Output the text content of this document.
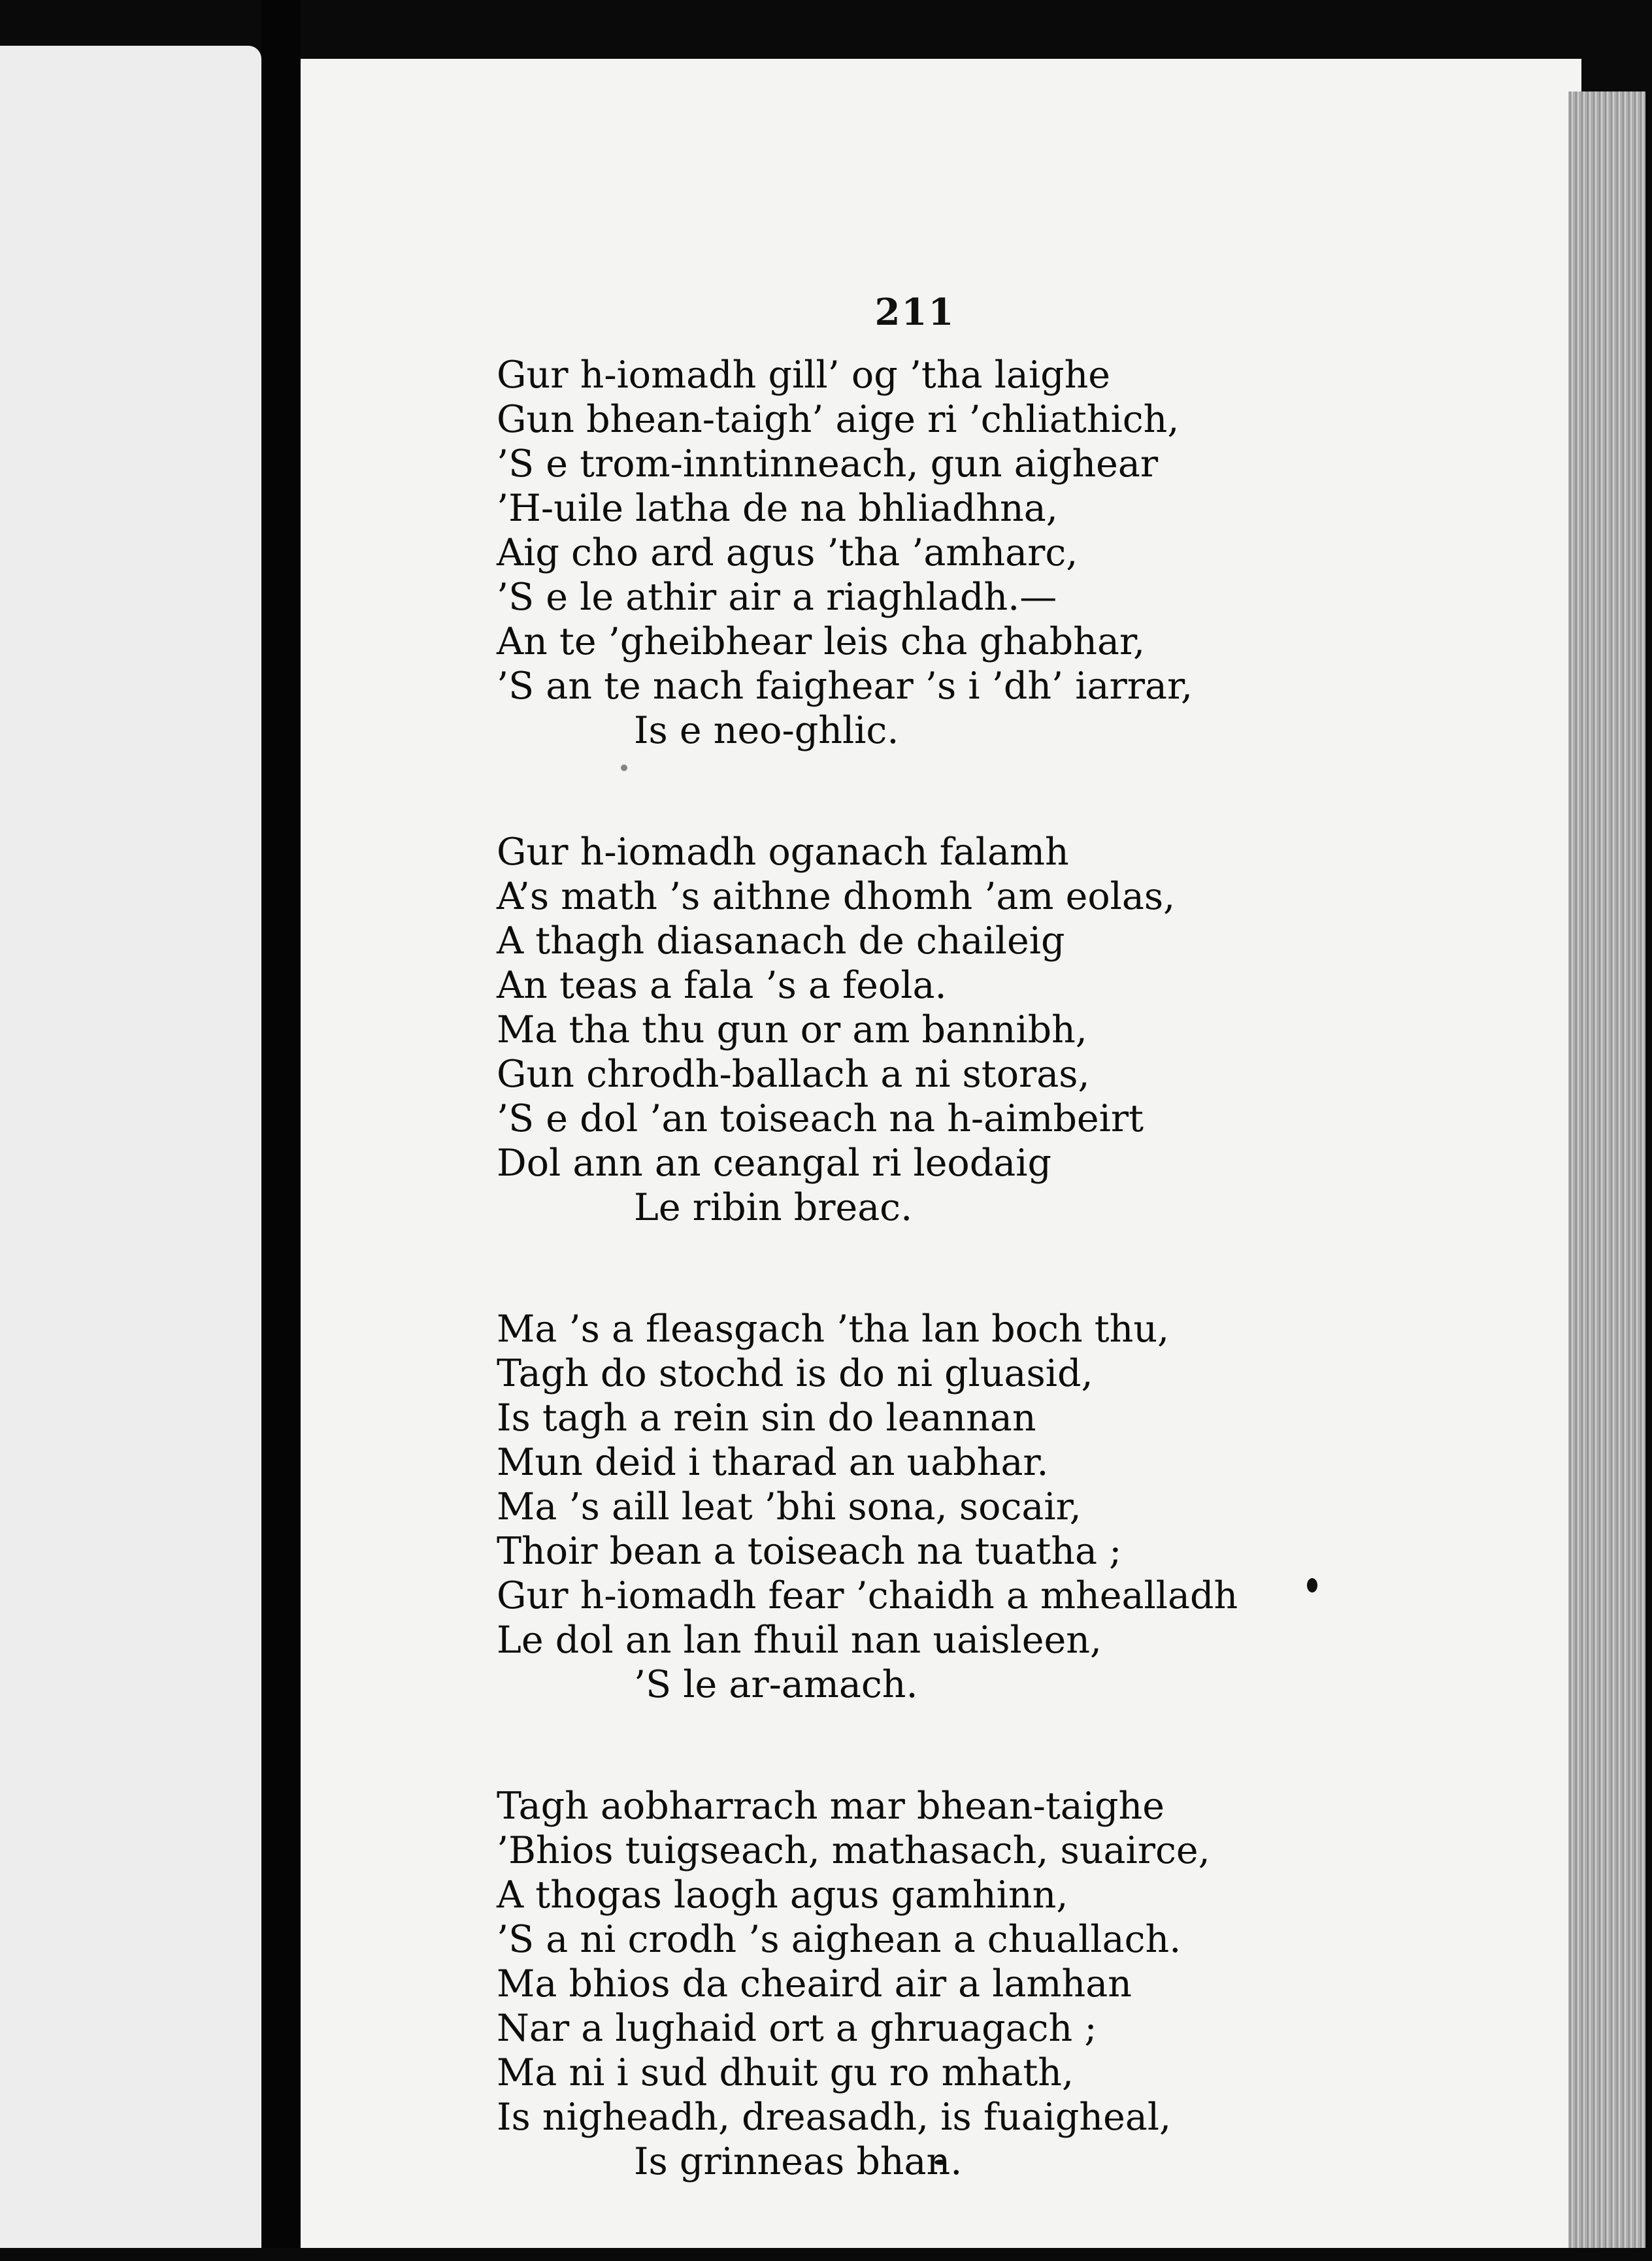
211
Gur h-iomadh gill’ og ’tha laighe
Gun bhean-taigh’ aige ri ’chliathich,
’S e trom-inntinneach, gun aighear
’H-uile latha de na bhliadhna,
Aig cho ard agus ’tha ’amharc,
’S e le athir air a riaghladh.—
An te ’gheibhear leis cha ghabhar,
’S an te nach faighear ’s i ’dh’ iarrar,
Is e neo-ghlic.
Gur h-iomadh oganach falamh
A’s math ’s aithne dhomh ’am eolas,
A thagh diasanach de chaileig
An teas a fala ’s a feola.
Ma tha thu gun or am bannibh,
Gun chrodh-ballach a ni storas,
’S e dol ’an toiseach na h-aimbeirt
Dol ann an ceangal ri leodaig
Le ribin breac.
Ma ’s a fleasgach ’tha lan boch thu,
Tagh do stochd is do ni gluasid,
Is tagh a rein sin do leannan
Mun deid i tharad an uabhar.
Ma ’s aill leat ’bhi sona, socair,
Thoir bean a toiseach na tuatha ;
Gur h-iomadh fear ’chaidh a mhealladh
Le dol an lan fhuil nan uaisleen,
’S le ar-amach.
Tagh aobharrach mar bhean-taighe
’Bhios tuigseach, mathasach, suairce,
A thogas laogh agus gamhinn,
’S a ni crodh ’s aighean a chuallach.
Ma bhios da cheaird air a lamhan
Nar a lughaid ort a ghruagach ;
Ma ni i sud dhuit gu ro mhath,
Is nigheadh, dreasadh, is fuaigheal,
Is grinneas bhan.
